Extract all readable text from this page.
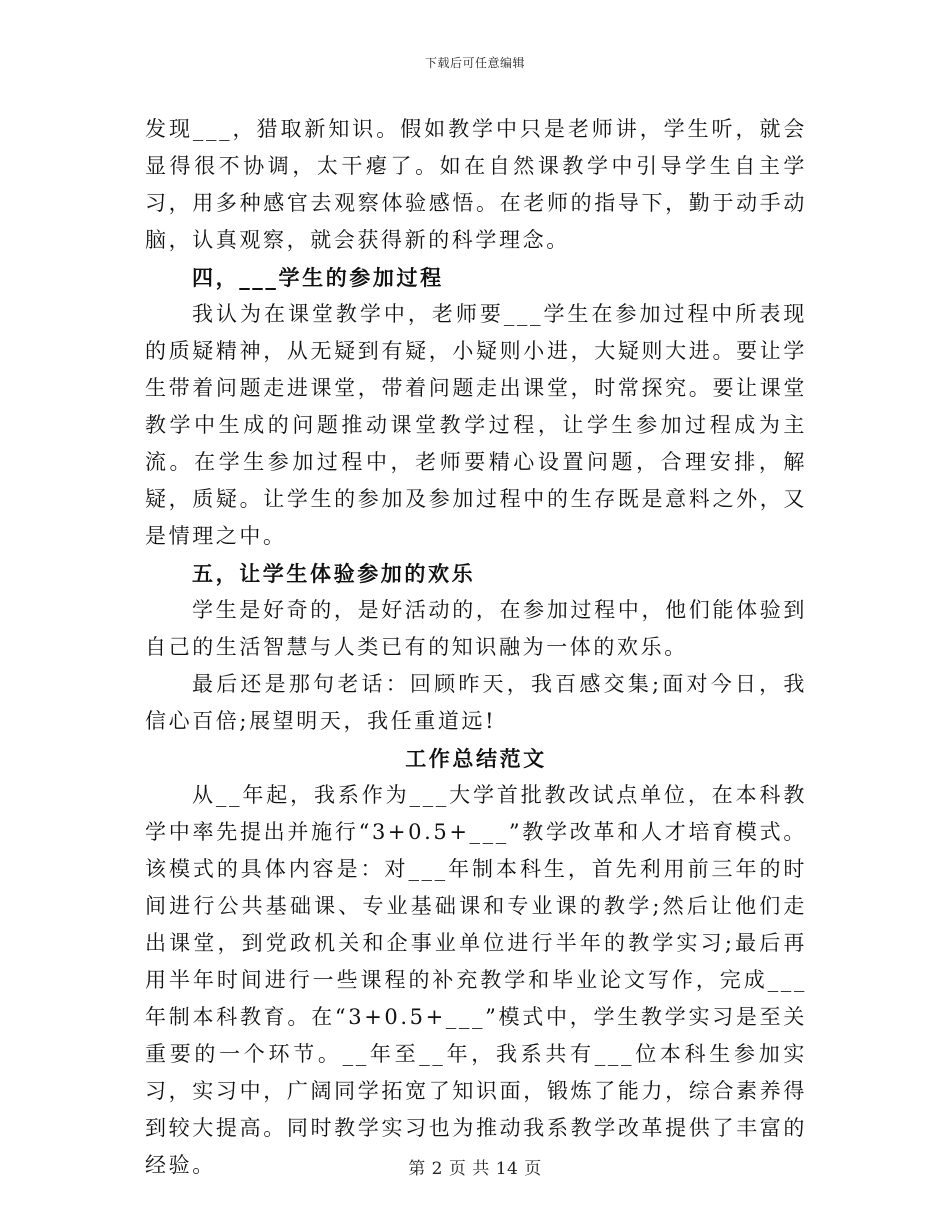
下载后可任意编辑

发现___，猎取新知识。假如教学中只是老师讲，学生听，就会显得很不协调，太干瘪了。如在自然课教学中引导学生自主学习，用多种感官去观察体验感悟。在老师的指导下，勤于动手动脑，认真观察，就会获得新的科学理念。

四，___学生的参加过程

我认为在课堂教学中，老师要___学生在参加过程中所表现的质疑精神，从无疑到有疑，小疑则小进，大疑则大进。要让学生带着问题走进课堂，带着问题走出课堂，时常探究。要让课堂教学中生成的问题推动课堂教学过程，让学生参加过程成为主流。在学生参加过程中，老师要精心设置问题，合理安排，解疑，质疑。让学生的参加及参加过程中的生存既是意料之外，又是情理之中。

五，让学生体验参加的欢乐

学生是好奇的，是好活动的，在参加过程中，他们能体验到自己的生活智慧与人类已有的知识融为一体的欢乐。

最后还是那句老话：回顾昨天，我百感交集;面对今日，我信心百倍;展望明天，我任重道远!

工作总结范文

从__年起，我系作为___大学首批教改试点单位，在本科教学中率先提出并施行“3+0.5+___”教学改革和人才培育模式。该模式的具体内容是：对___年制本科生，首先利用前三年的时间进行公共基础课、专业基础课和专业课的教学;然后让他们走出课堂，到党政机关和企事业单位进行半年的教学实习;最后再用半年时间进行一些课程的补充教学和毕业论文写作，完成___年制本科教育。在“3+0.5+___”模式中，学生教学实习是至关重要的一个环节。__年至__年，我系共有___位本科生参加实习，实习中，广阔同学拓宽了知识面，锻炼了能力，综合素养得到较大提高。同时教学实习也为推动我系教学改革提供了丰富的经验。	第 2 页 共 14 页
